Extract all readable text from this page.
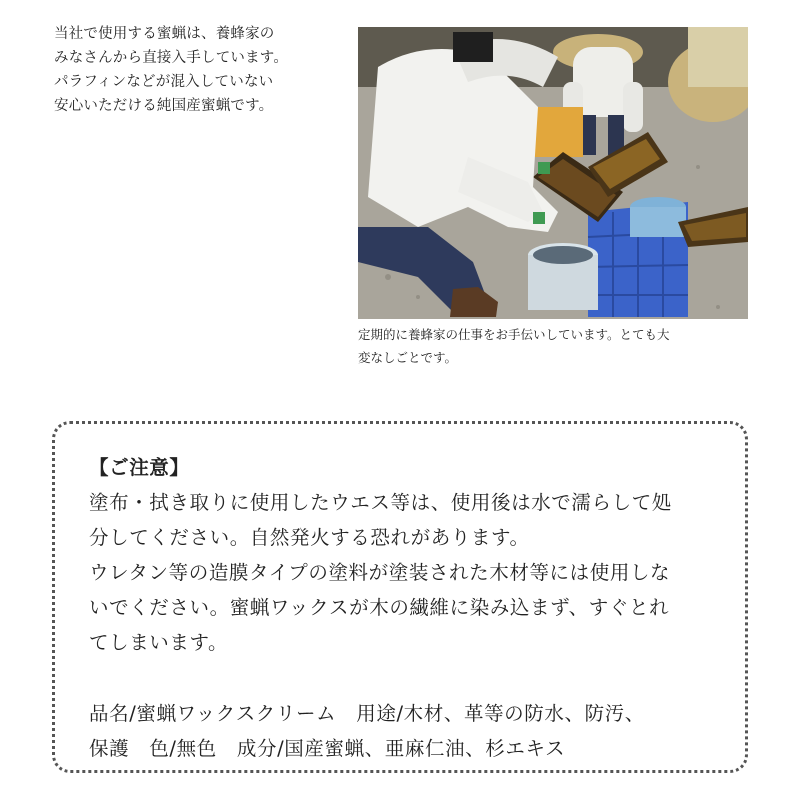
当社で使用する蜜蝋は、養蜂家の

みなさんから直接入手しています。

パラフィンなどが混入していない

安心いただける純国産蜜蝋です。

定期的に養蜂家の仕事をお手伝いしています。とても大

変なしごとです。

【ご注意】

塗布・拭き取りに使用したウエス等は、使用後は水で濡らして処

分してください。自然発火する恐れがあります。

ウレタン等の造膜タイプの塗料が塗装された木材等には使用しな

いでください。蜜蝋ワックスが木の繊維に染み込まず、すぐとれ

てしまいます。

品名/蜜蝋ワックスクリーム　用途/木材、革等の防水、防汚、

保護　色/無色　成分/国産蜜蝋、亜麻仁油、杉エキス
